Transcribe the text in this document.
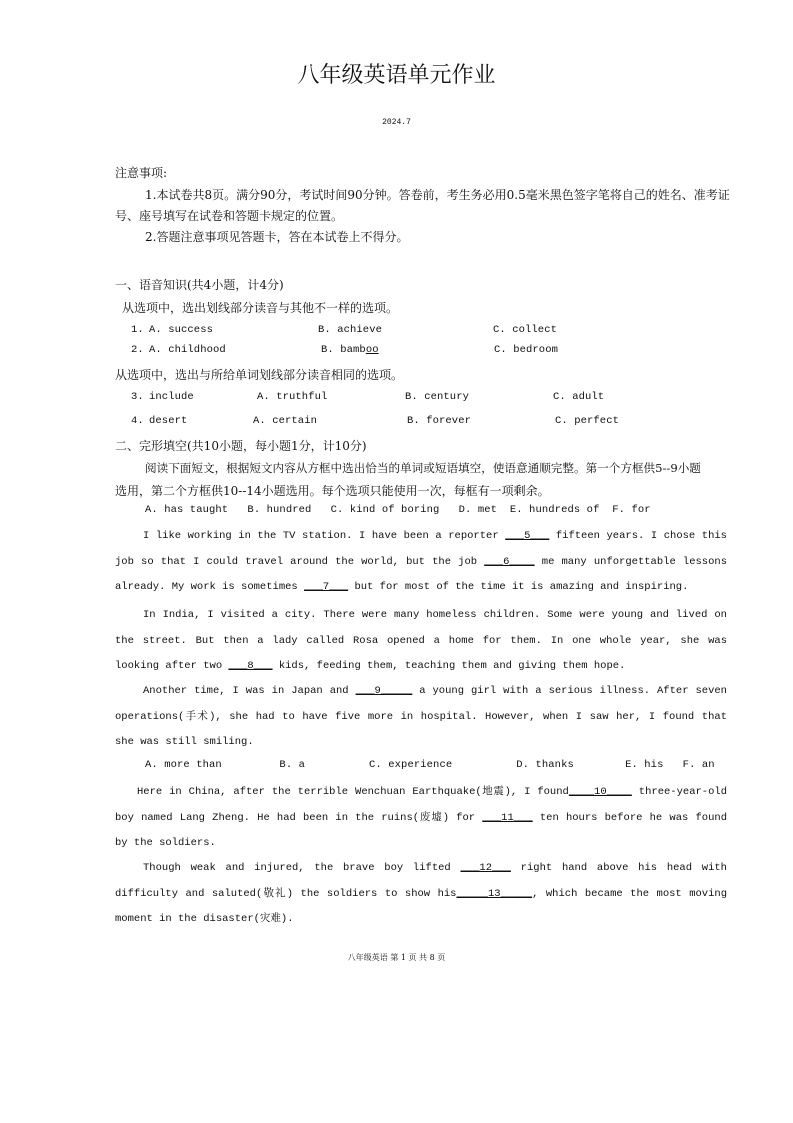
八年级英语单元作业
2024.7
注意事项:
1.本试卷共8页。满分90分，考试时间90分钟。答卷前，考生务必用0.5毫米黑色签字笔将自己的姓名、准考证
号、座号填写在试卷和答题卡规定的位置。
2.答题注意事项见答题卡，答在本试卷上不得分。
一、语音知识(共4小题，计4分)
从选项中，选出划线部分读音与其他不一样的选项。
1. A. success	B. achieve	C. collect
2. A. childhood	B. bamboo	C. bedroom
从选项中，选出与所给单词划线部分读音相同的选项。
3. include	A. truthful	B. century	C. adult
4. desert	A. certain	B. forever	C. perfect
二、完形填空(共10小题，每小题1分，计10分)
阅读下面短文，根据短文内容从方框中选出恰当的单词或短语填空，使语意通顺完整。第一个方框供5--9小题
选用，第二个方框供10--14小题选用。每个选项只能使用一次，每框有一项剩余。
A. has taught   B. hundred   C. kind of boring   D. met  E. hundreds of  F. for
I like working in the TV station. I have been a reporter ___5___ fifteen years. I chose this job so that I could travel around the world, but the job ___6____ me many unforgettable lessons already. My work is sometimes ___7___ but for most of the time it is amazing and inspiring.
In India, I visited a city. There were many homeless children. Some were young and lived on the street. But then a lady called Rosa opened a home for them. In one whole year, she was looking after two ___8___ kids, feeding them, teaching them and giving them hope.
Another time, I was in Japan and ___9_____ a young girl with a serious illness. After seven operations(手术), she had to have five more in hospital. However, when I saw her, I found that she was still smiling.
A. more than         B. a          C. experience          D. thanks        E. his   F. an
Here in China, after the terrible Wenchuan Earthquake(地震), I found____10____ three-year-old boy named Lang Zheng. He had been in the ruins(废墟) for ___11___ ten hours before he was found by the soldiers.
Though weak and injured, the brave boy lifted ___12___ right hand above his head with difficulty and saluted(敬礼) the soldiers to show his_____13_____, which became the most moving moment in the disaster(灾难).
八年级英语 第 1 页 共 8 页
